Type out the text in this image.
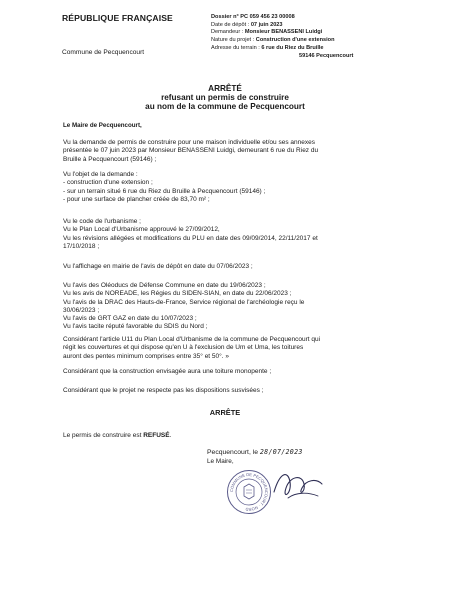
RÉPUBLIQUE FRANÇAISE
Commune de Pecquencourt
Dossier n° PC 059 456 23 00008
Date de dépôt : 07 juin 2023
Demandeur : Monsieur BENASSENI Luidgi
Nature du projet : Construction d'une extension
Adresse du terrain : 6 rue du Riez du Bruille
59146 Pecquencourt
ARRÊTÉ
refusant un permis de construire
au nom de la commune de Pecquencourt
Le Maire de Pecquencourt,
Vu la demande de permis de construire pour une maison individuelle et/ou ses annexes
présentée le 07 juin 2023 par Monsieur BENASSENI Luidgi, demeurant 6 rue du Riez du
Bruille à Pecquencourt (59146) ;
Vu l'objet de la demande :
- construction d'une extension ;
- sur un terrain situé 6 rue du Riez du Bruille à Pecquencourt (59146) ;
- pour une surface de plancher créée de 83,70 m² ;
Vu le code de l'urbanisme ;
Vu le Plan Local d'Urbanisme approuvé le 27/09/2012,
Vu les révisions allégées et modifications du PLU en date des 09/09/2014, 22/11/2017 et
17/10/2018 ;
Vu l'affichage en mairie de l'avis de dépôt en date du 07/06/2023 ;
Vu l'avis des Oléoducs de Défense Commune en date du 19/06/2023 ;
Vu les avis de NOREADE, les Régies du SIDEN-SIAN, en date du 22/06/2023 ;
Vu l'avis de la DRAC des Hauts-de-France, Service régional de l'archéologie reçu le
30/06/2023 ;
Vu l'avis de GRT GAZ en date du 10/07/2023 ;
Vu l'avis tacite réputé favorable du SDIS du Nord ;
Considérant l'article U11 du Plan Local d'Urbanisme de la commune de Pecquencourt qui
régit les couvertures et qui dispose qu'en U à l'exclusion de Um et Uma, les toitures
auront des pentes minimum comprises entre 35° et 50°. »
Considérant que la construction envisagée aura une toiture monopente ;
Considérant que le projet ne respecte pas les dispositions susvisées ;
ARRÊTE
Le permis de construire est REFUSÉ.
Pecquencourt, le 28/07/2023
Le Maire,
COMMUNE DE PECQUENCOURT · NORD
